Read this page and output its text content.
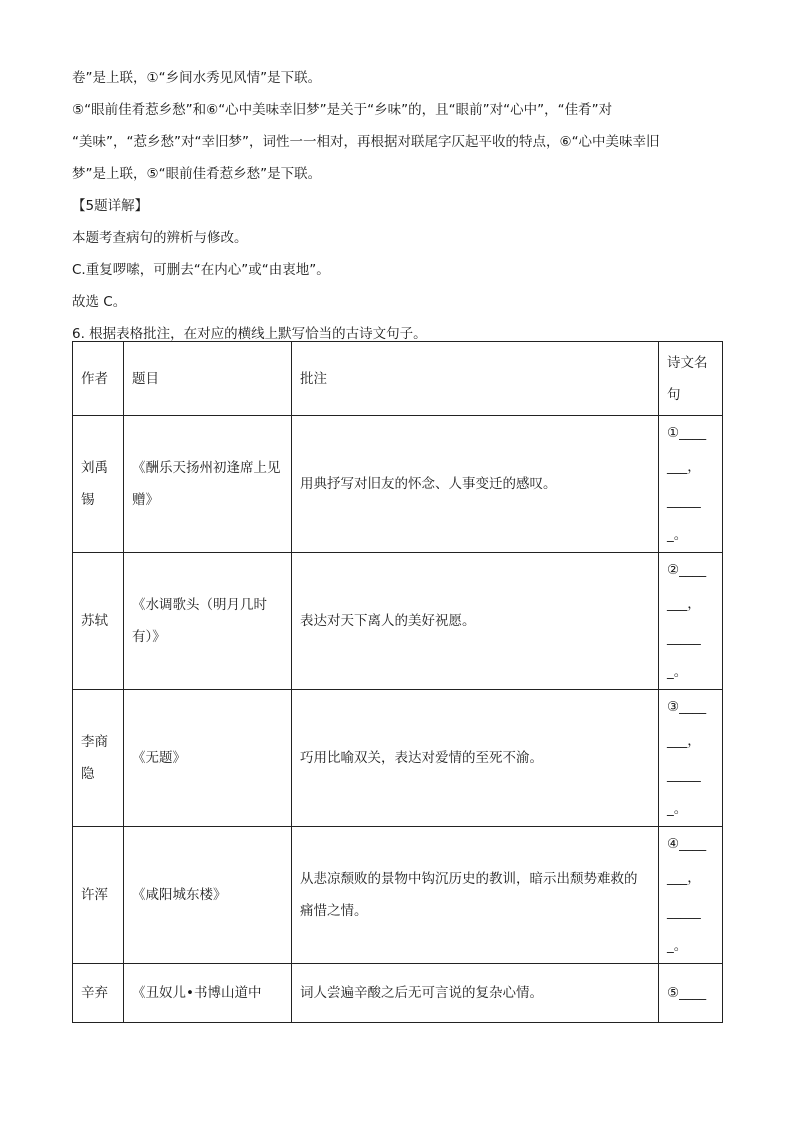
卷”是上联，①“乡间水秀见风情”是下联。
⑤“眼前佳肴惹乡愁”和⑥“心中美味幸旧梦”是关于“乡味”的，且“眼前”对“心中”，“佳肴”对
“美味”，“惹乡愁”对“幸旧梦”，词性一一相对，再根据对联尾字仄起平收的特点，⑥“心中美味幸旧
梦”是上联，⑤“眼前佳肴惹乡愁”是下联。
【5题详解】
本题考查病句的辨析与修改。
C.重复啰嗦，可删去“在内心”或“由衷地”。
故选 C。
6. 根据表格批注，在对应的横线上默写恰当的古诗文句子。
作者	题目	批注	诗文名句
刘禹锡	《酬乐天扬州初逢席上见赠》	用典抒写对旧友的怀念、人事变迁的感叹。	①____
___，
_____
_。

苏轼	《水调歌头（明月几时有）》	表达对天下离人的美好祝愿。	②____
___，
_____
_。

李商隐	《无题》	巧用比喻双关，表达对爱情的至死不渝。	③____
___，
_____
_。

许浑	《咸阳城东楼》	从悲凉颓败的景物中钩沉历史的教训，暗示出颓势难救的痛惜之情。	④____
___，
_____
_。

辛弃	《丑奴儿•书博山道中	词人尝遍辛酸之后无可言说的复杂心情。	⑤____
